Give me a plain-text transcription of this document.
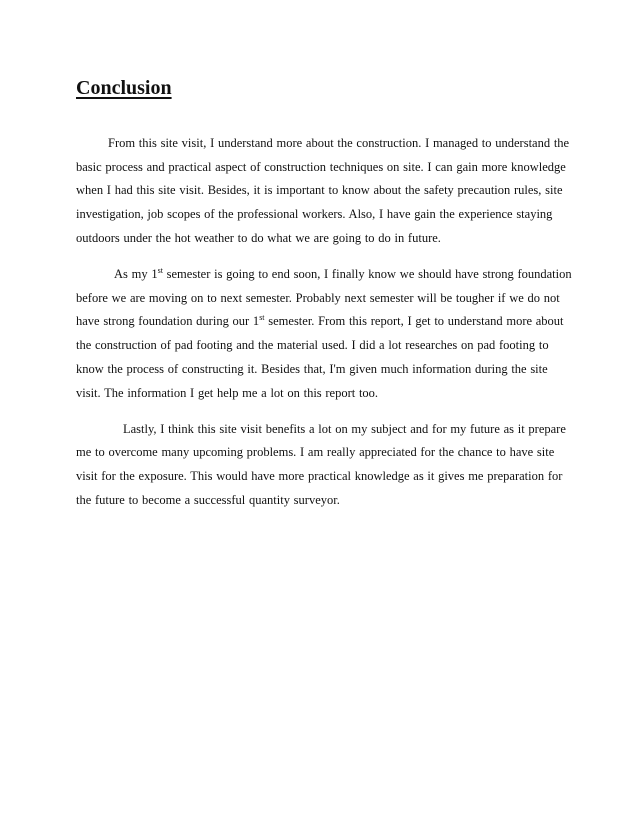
Conclusion

From this site visit, I understand more about the construction. I managed to understand the
basic process and practical aspect of construction techniques on site. I can gain more knowledge
when I had this site visit. Besides, it is important to know about the safety precaution rules, site
investigation, job scopes of the professional workers. Also, I have gain the experience staying
outdoors under the hot weather to do what we are going to do in future.

As my 1st semester is going to end soon, I finally know we should have strong foundation
before we are moving on to next semester. Probably next semester will be tougher if we do not
have strong foundation during our 1st semester. From this report, I get to understand more about
the construction of pad footing and the material used. I did a lot researches on pad footing to
know the process of constructing it. Besides that, I'm given much information during the site
visit. The information I get help me a lot on this report too.

Lastly, I think this site visit benefits a lot on my subject and for my future as it prepare
me to overcome many upcoming problems. I am really appreciated for the chance to have site
visit for the exposure. This would have more practical knowledge as it gives me preparation for
the future to become a successful quantity surveyor.
